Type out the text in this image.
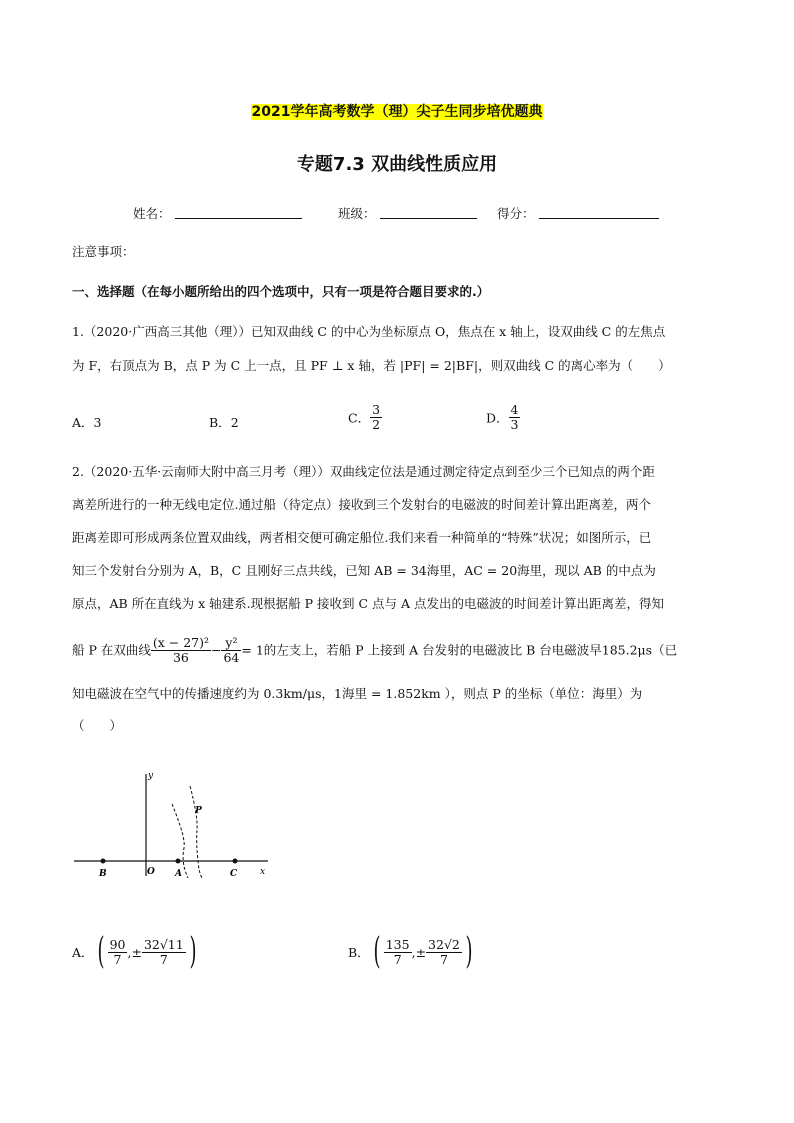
2021学年高考数学（理）尖子生同步培优题典
专题7.3 双曲线性质应用
姓名：	班级：	得分：
注意事项：
一、选择题（在每小题所给出的四个选项中，只有一项是符合题目要求的.）
1.（2020·广西高三其他（理））已知双曲线 C 的中心为坐标原点 O，焦点在 x 轴上，设双曲线 C 的左焦点
为 F，右顶点为 B，点 P 为 C 上一点，且 PF ⊥ x 轴，若 |PF| = 2|BF|，则双曲线 C 的离心率为（　　）
A．3	B．2	C． $\frac{3}{2}$	D． $\frac{4}{3}$
2.（2020·五华·云南师大附中高三月考（理））双曲线定位法是通过测定待定点到至少三个已知点的两个距
离差所进行的一种无线电定位.通过船（待定点）接收到三个发射台的电磁波的时间差计算出距离差，两个
距离差即可形成两条位置双曲线，两者相交便可确定船位.我们来看一种简单的“特殊”状况；如图所示，已
知三个发射台分别为 A，B，C 且刚好三点共线，已知 AB = 34海里，AC = 20海里，现以 AB 的中点为
原点，AB 所在直线为 x 轴建系.现根据船 P 接收到 C 点与 A 点发出的电磁波的时间差计算出距离差，得知
船 P 在双曲线 $\frac{\text{(x − 27)²}}{36} - \frac{\text{y²}}{64} = 1$的左支上，若船 P 上接到 A 台发射的电磁波比 B 台电磁波早185.2μs（已
知电磁波在空气中的传播速度约为 0.3km/μs，1海里 = 1.852km ），则点 P 的坐标（单位：海里）为
（　　）
y
x
P
B	O A	C
A． ( $\frac{90}{7}$ ,± $\frac{32√11}{7}$ )	B． ( $\frac{135}{7}$ ,± $\frac{32√2}{7}$ )
